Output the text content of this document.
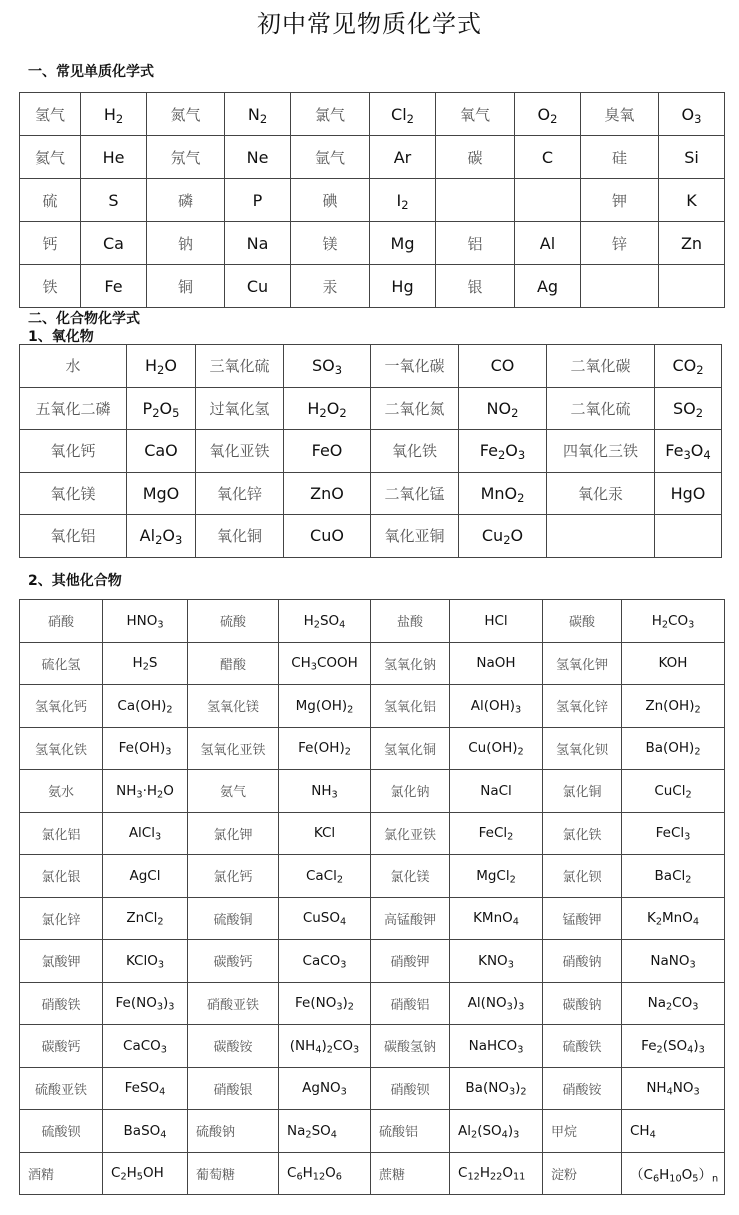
初中常见物质化学式
一、常见单质化学式
氢气	$H_2$	氮气	$N_2$	氯气	$Cl_2$	氧气	$O_2$	臭氧	$O_3$
氦气	He	氖气	Ne	氩气	Ar	碳	C	硅	Si
硫	S	磷	P	碘	$I_2$			钾	K
钙	Ca	钠	Na	镁	Mg	铝	Al	锌	Zn
铁	Fe	铜	Cu	汞	Hg	银	Ag		
二、化合物化学式
1、氧化物
水	$H_2O$	三氧化硫	$SO_3$	一氧化碳	CO	二氧化碳	$CO_2$
五氧化二磷	$P_2O_5$	过氧化氢	$H_2O_2$	二氧化氮	$NO_2$	二氧化硫	$SO_2$
氧化钙	CaO	氧化亚铁	FeO	氧化铁	$Fe_2O_3$	四氧化三铁	$Fe_3O_4$
氧化镁	MgO	氧化锌	ZnO	二氧化锰	MnO$_2$	氧化汞	HgO
氧化铝	$Al_2O_3$	氧化铜	CuO	氧化亚铜	$Cu_2O$		
2、其他化合物
硝酸	$HNO_3$	硫酸	$H_2SO_4$	盐酸	HCl	碳酸	$H_2CO_3$
硫化氢	$H_2S$	醋酸	$CH_3COOH$	氢氧化钠	NaOH	氢氧化钾	KOH
氢氧化钙	$Ca(OH)_2$	氢氧化镁	$Mg(OH)_2$	氢氧化铝	$Al(OH)_3$	氢氧化锌	$Zn(OH)_2$
氢氧化铁	$Fe(OH)_3$	氢氧化亚铁	$Fe(OH)_2$	氢氧化铜	$Cu(OH)_2$	氢氧化钡	$Ba(OH)_2$
氨水	$NH_3\cdot H_2O$	氨气	$NH_3$	氯化钠	NaCl	氯化铜	CuCl$_2$
氯化铝	AlCl$_3$	氯化钾	KCl	氯化亚铁	FeCl$_2$	氯化铁	FeCl$_3$
氯化银	AgCl	氯化钙	CaCl$_2$	氯化镁	MgCl$_2$	氯化钡	BaCl$_2$
氯化锌	ZnCl$_2$	硫酸铜	CuSO$_4$	高锰酸钾	KMnO$_4$	锰酸钾	$K_2MnO_4$
氯酸钾	KClO$_3$	碳酸钙	CaCO$_3$	硝酸钾	$KNO_3$	硝酸钠	NaNO$_3$
硝酸铁	$Fe(NO_3)_3$	硝酸亚铁	$Fe(NO_3)_2$	硝酸铝	$Al(NO_3)_3$	碳酸钠	$Na_2CO_3$
碳酸钙	CaCO$_3$	碳酸铵	$(NH_4)_2CO_3$	碳酸氢钠	NaHCO$_3$	硫酸铁	$Fe_2(SO_4)_3$
硫酸亚铁	FeSO$_4$	硝酸银	AgNO$_3$	硝酸钡	$Ba(NO_3)_2$	硝酸铵	$NH_4NO_3$
硫酸钡	BaSO$_4$	硫酸钠	$Na_2SO_4$	硫酸铝	$Al_2(SO_4)_3$	甲烷	$CH_4$
酒精	$C_2H_5OH$	葡萄糖	$C_6H_{12}O_6$	蔗糖	$C_{12}H_{22}O_{11}$	淀粉	$(C_6H_{10}O_5)_n$
